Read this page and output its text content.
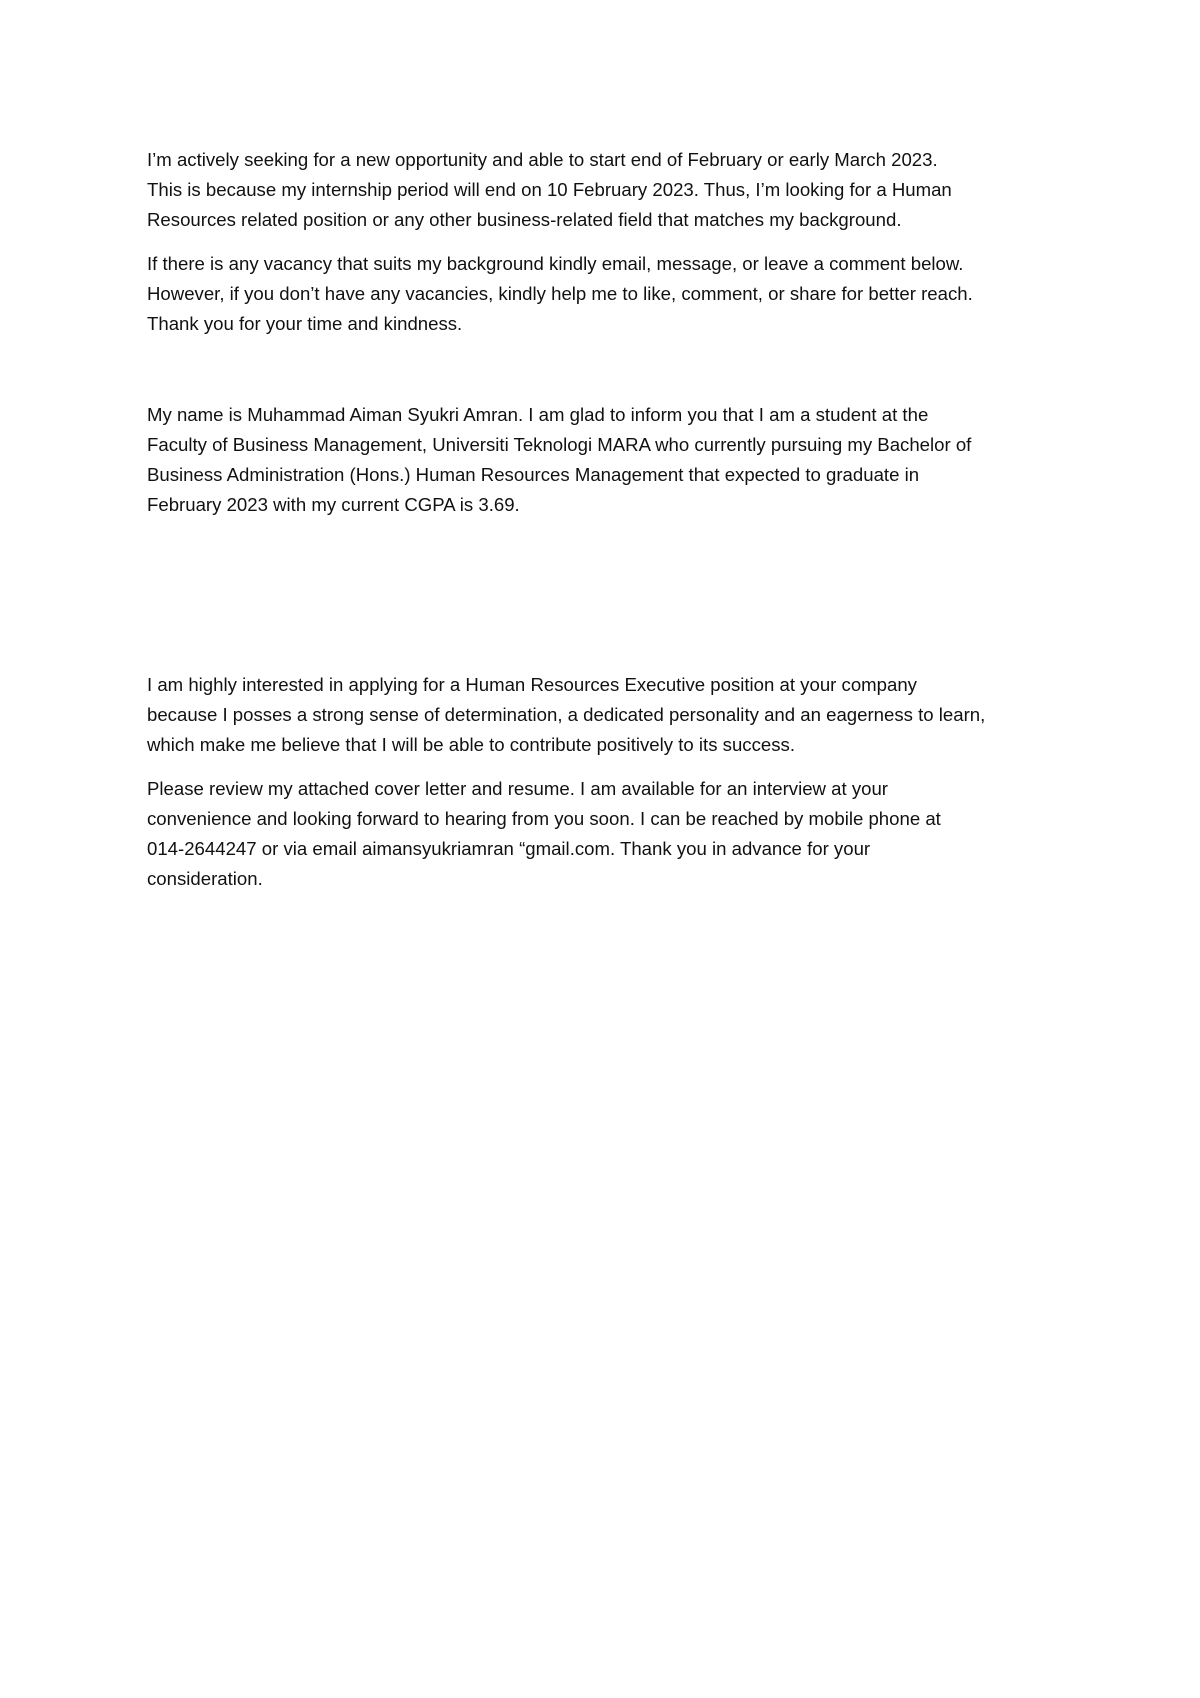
I’m actively seeking for a new opportunity and able to start end of February or early March 2023.
This is because my internship period will end on 10 February 2023. Thus, I’m looking for a Human
Resources related position or any other business-related field that matches my background.

If there is any vacancy that suits my background kindly email, message, or leave a comment below.
However, if you don’t have any vacancies, kindly help me to like, comment, or share for better reach.
Thank you for your time and kindness.

My name is Muhammad Aiman Syukri Amran. I am glad to inform you that I am a student at the
Faculty of Business Management, Universiti Teknologi MARA who currently pursuing my Bachelor of
Business Administration (Hons.) Human Resources Management that expected to graduate in
February 2023 with my current CGPA is 3.69.

I am highly interested in applying for a Human Resources Executive position at your company
because I posses a strong sense of determination, a dedicated personality and an eagerness to learn,
which make me believe that I will be able to contribute positively to its success.

Please review my attached cover letter and resume. I am available for an interview at your
convenience and looking forward to hearing from you soon. I can be reached by mobile phone at
014-2644247 or via email aimansyukriamran “gmail.com. Thank you in advance for your
consideration.
